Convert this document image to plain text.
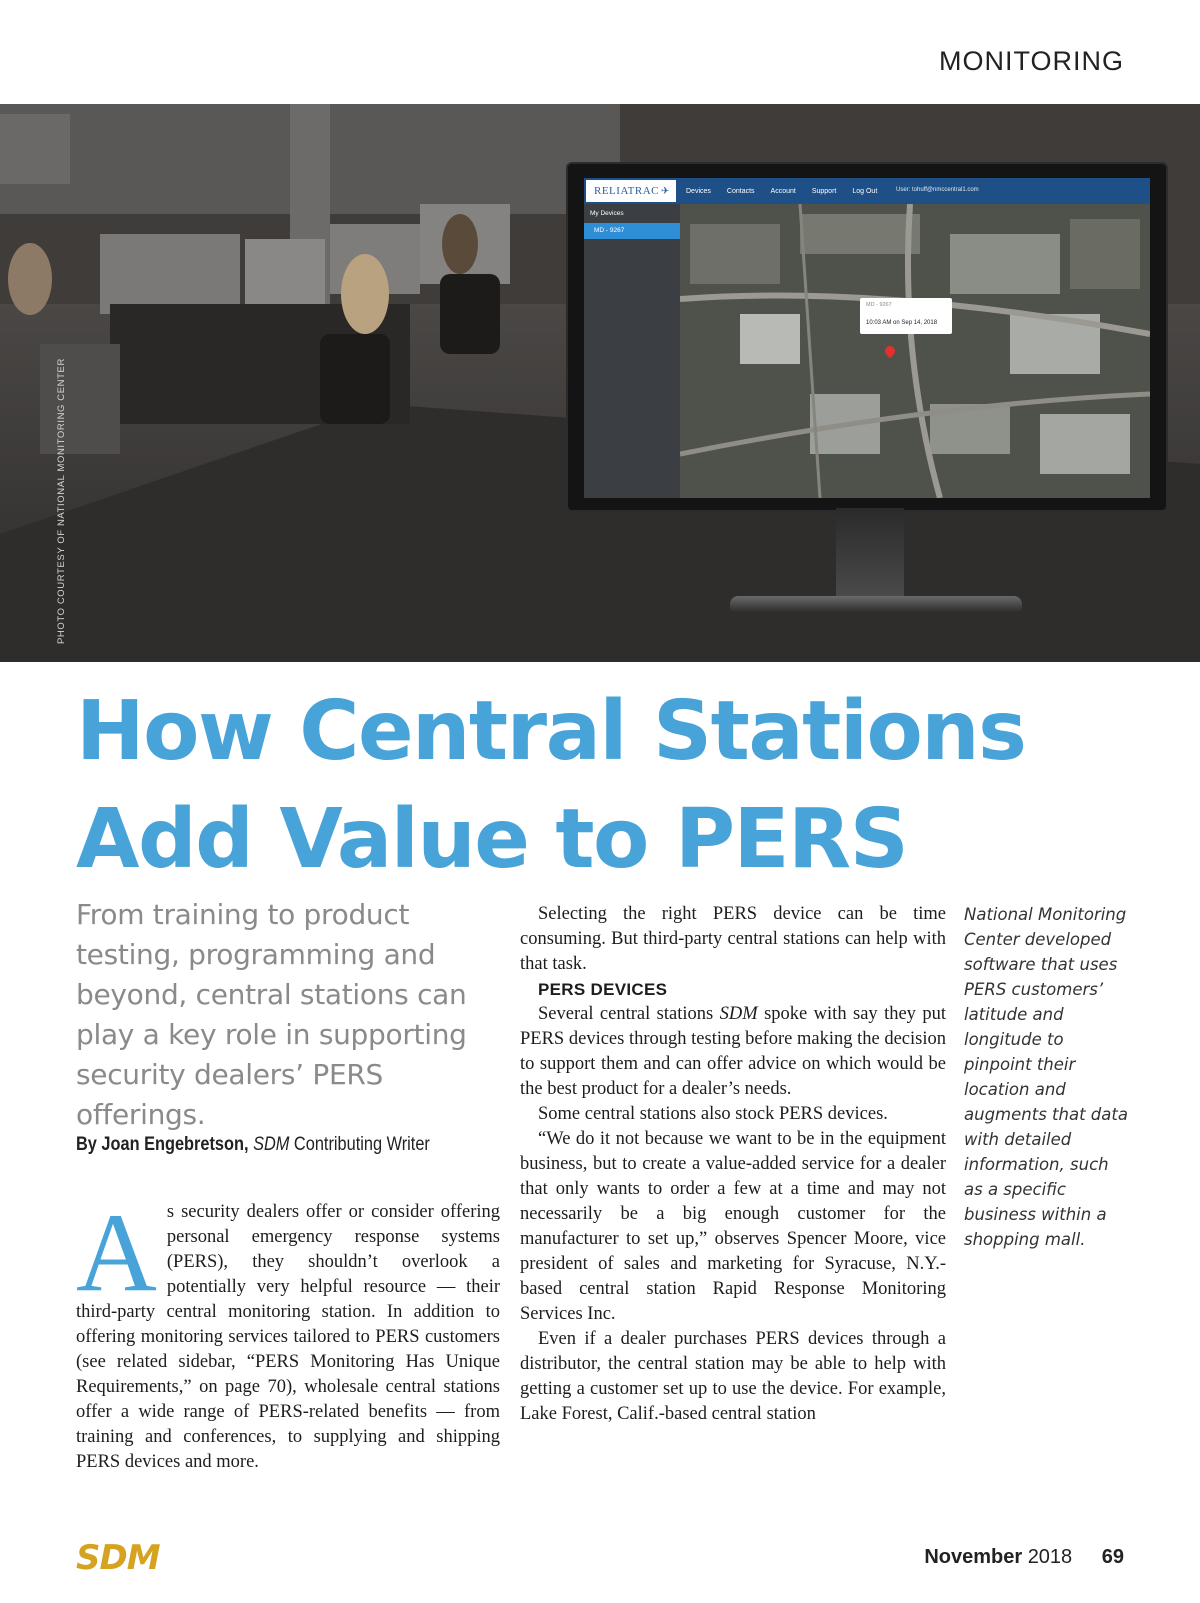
MONITORING
PHOTO COURTESY OF NATIONAL MONITORING CENTER
RELIATRAC ✈ Devices Contacts Account Support Log Out	User: tohuff@nmccentral1.com
My Devices
MD - 9267
MD - 9267
10:03 AM on Sep 14, 2018
How Central Stations
Add Value to PERS

From training to product testing, programming and beyond, central stations can play a key role in supporting security dealers’ PERS offerings.

By Joan Engebretson, SDM Contributing Writer
A s security dealers offer or consider offering personal emergency response systems (PERS), they shouldn’t overlook a potentially very helpful resource — their third-party central monitoring station. In addition to offering monitoring services tailored to PERS customers (see related sidebar, “PERS Monitoring Has Unique Requirements,” on page 70), wholesale central stations offer a wide range of PERS-related benefits — from training and conferences, to supplying and shipping PERS devices and more.

Selecting the right PERS device can be time consuming. But third-party central stations can help with that task.

PERS DEVICES

Several central stations SDM spoke with say they put PERS devices through testing before making the decision to support them and can offer advice on which would be the best product for a dealer’s needs.

Some central stations also stock PERS devices.

“We do it not because we want to be in the equipment business, but to create a value-added service for a dealer that only wants to order a few at a time and may not necessarily be a big enough customer for the manufacturer to set up,” observes Spencer Moore, vice president of sales and marketing for Syracuse, N.Y.-based central station Rapid Response Monitoring Services Inc.

Even if a dealer purchases PERS devices through a distributor, the central station may be able to help with getting a customer set up to use the device. For example, Lake Forest, Calif.-based central station

National Monitoring Center developed software that uses PERS customers’ latitude and longitude to pinpoint their location and augments that data with detailed information, such as a specific business within a shopping mall.

SDM	November 2018 69
